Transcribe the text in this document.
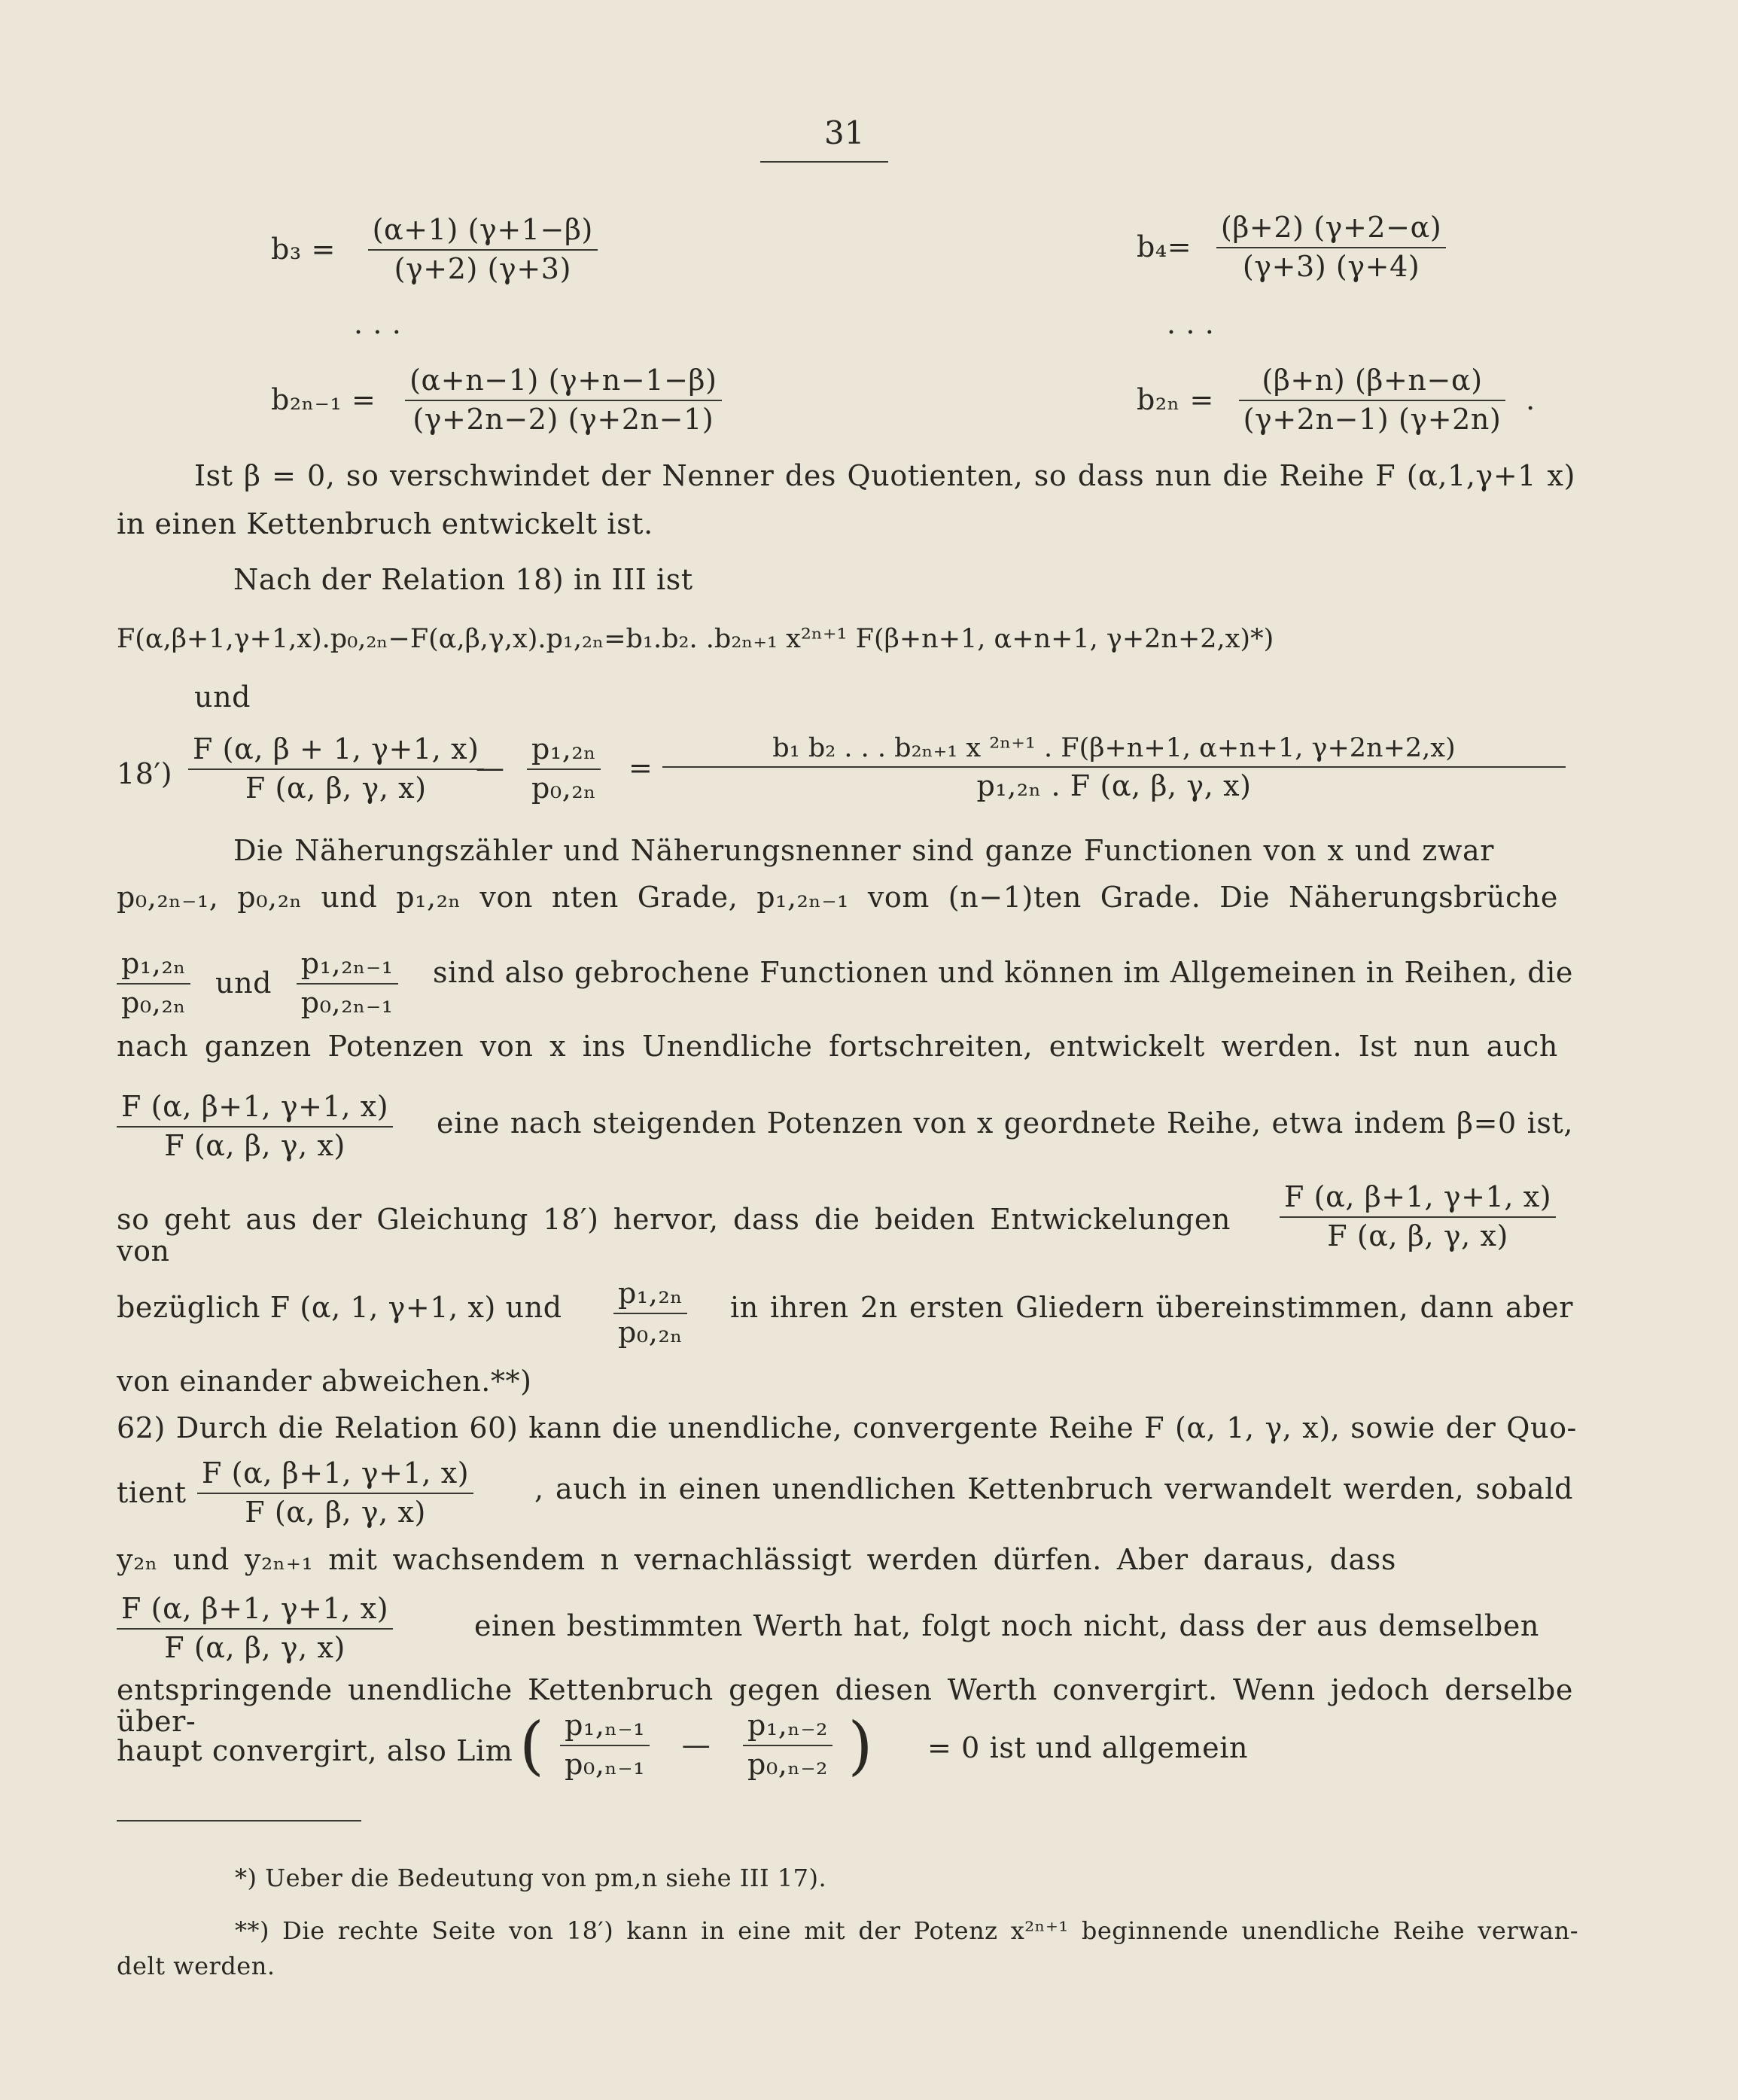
31
$b_3 = \frac{(\alpha+1) (\gamma+1-\beta)}{(\gamma+2) (\gamma+3)}$	$b_4= \frac{(\beta+2) (\gamma+2-\alpha)}{(\gamma+3) (\gamma+4)}$
. . .	. . .
$b_{2n-1} = \frac{(\alpha+n-1) (\gamma+n-1-\beta)}{(\gamma+2n-2) (\gamma+2n-1)}$	$b_{2n} = \frac{(\beta+n) (\beta+n-\alpha)}{(\gamma+2n-1) (\gamma+2n)}$ .
Ist β = 0, so verschwindet der Nenner des Quotienten, so dass nun die Reihe F (α,1,γ+1 x)
in einen Kettenbruch entwickelt ist.
Nach der Relation 18) in III ist
F(α,β+1,γ+1,x).p₀,₂ₙ−F(α,β,γ,x).p₁,₂ₙ=b₁.b₂. .b₂ₙ₊₁ x²ⁿ⁺¹ F(β+n+1, α+n+1, γ+2n+2,x)*)
und
$18') \frac{F (\alpha, \beta + 1, \gamma+1, x)}{F (\alpha, \beta, \gamma, x)}$
— $\frac{\text{p₁,₂ₙ}}{\text{p₀,₂ₙ}} = \frac{\text{b₁ b₂ . . . b₂ₙ₊₁ x ²ⁿ⁺¹ . F(β+n+1, α+n+1, γ+2n+2,x)}}{\text{p₁,₂ₙ . F (α, β, γ, x)}}$
Die Näherungszähler und Näherungsnenner sind ganze Functionen von x und zwar
p₀,₂ₙ₋₁, p₀,₂ₙ und p₁,₂ₙ von nten Grade, p₁,₂ₙ₋₁ vom (n−1)ten Grade. Die Näherungsbrüche
$\frac{\text{p₁,₂ₙ}}{\text{p₀,₂ₙ}}$ und $\frac{\text{p₁,₂ₙ₋₁}}{\text{p₀,₂ₙ₋₁}}$ sind also gebrochene Functionen und können im Allgemeinen in Reihen, die
nach ganzen Potenzen von x ins Unendliche fortschreiten, entwickelt werden. Ist nun auch
$\frac{F (\alpha, \beta+1, \gamma+1, x)}{F (\alpha, \beta, \gamma, x)}$ eine nach steigenden Potenzen von x geordnete Reihe, etwa indem β=0 ist,
so geht aus der Gleichung 18′) hervor, dass die beiden Entwickelungen von	$\frac{F (\alpha, \beta+1, \gamma+1, x)}{F (\alpha, \beta, \gamma, x)}$
bezüglich F (α, 1, γ+1, x) und $\frac{\text{p₁,₂ₙ}}{\text{p₀,₂ₙ}}$ in ihren 2n ersten Gliedern übereinstimmen, dann aber
von einander abweichen.**)
62) Durch die Relation 60) kann die unendliche, convergente Reihe F (α, 1, γ, x), sowie der Quo-
tient $\frac{F (\alpha, \beta+1, \gamma+1, x)}{F (\alpha, \beta, \gamma, x)}$ , auch in einen unendlichen Kettenbruch verwandelt werden, sobald
y₂ₙ und y₂ₙ₊₁ mit wachsendem n vernachlässigt werden dürfen. Aber daraus, dass
$\frac{F (\alpha, \beta+1, \gamma+1, x)}{F (\alpha, \beta, \gamma, x)}$	einen bestimmten Werth hat, folgt noch nicht, dass der aus demselben
entspringende unendliche Kettenbruch gegen diesen Werth convergirt. Wenn jedoch derselbe über-
haupt convergirt, also Lim ( $\frac{\text{p₁,ₙ₋₁}}{\text{p₀,ₙ₋₁}}$ — $\frac{\text{p₁,ₙ₋₂}}{\text{p₀,ₙ₋₂}}$ ) = 0 ist und allgemein
*) Ueber die Bedeutung von pm,n siehe III 17).
**) Die rechte Seite von 18′) kann in eine mit der Potenz x²ⁿ⁺¹ beginnende unendliche Reihe verwan-
delt werden.
